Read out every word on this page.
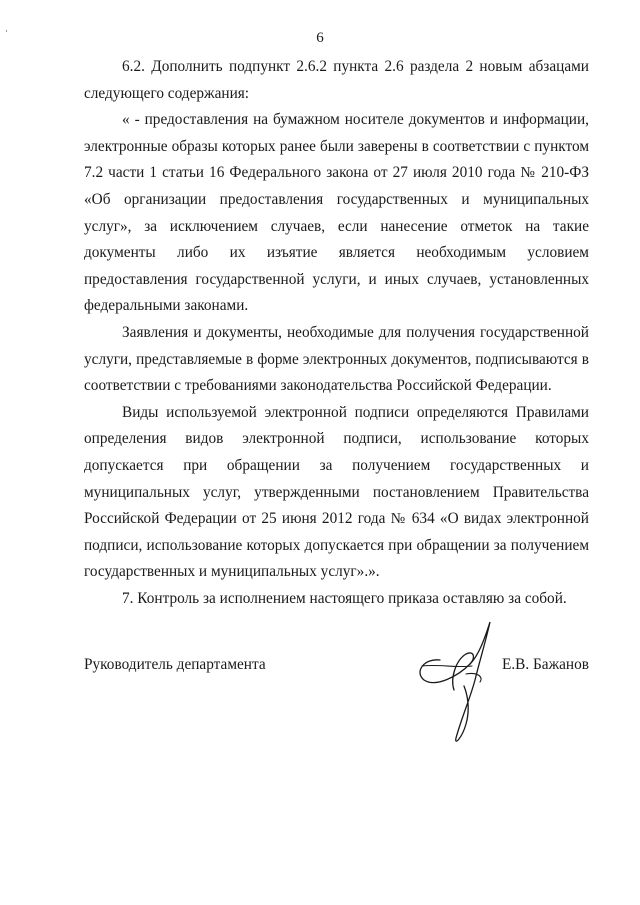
6

6.2. Дополнить подпункт 2.6.2 пункта 2.6 раздела 2 новым абзацами следующего содержания:

« - предоставления на бумажном носителе документов и информации, электронные образы которых ранее были заверены в соответствии с пунктом 7.2 части 1 статьи 16 Федерального закона от 27 июля 2010 года № 210-ФЗ «Об организации предоставления государственных и муниципальных услуг», за исключением случаев, если нанесение отметок на такие документы либо их изъятие является необходимым условием предоставления государственной услуги, и иных случаев, установленных федеральными законами.

Заявления и документы, необходимые для получения государственной услуги, представляемые в форме электронных документов, подписываются в соответствии с требованиями законодательства Российской Федерации.

Виды используемой электронной подписи определяются Правилами определения видов электронной подписи, использование которых допускается при обращении за получением государственных и муниципальных услуг, утвержденными постановлением Правительства Российской Федерации от 25 июня 2012 года № 634 «О видах электронной подписи, использование которых допускается при обращении за получением государственных и муниципальных услуг».».

7. Контроль за исполнением настоящего приказа оставляю за собой.

Руководитель департамента	Е.В. Бажанов
